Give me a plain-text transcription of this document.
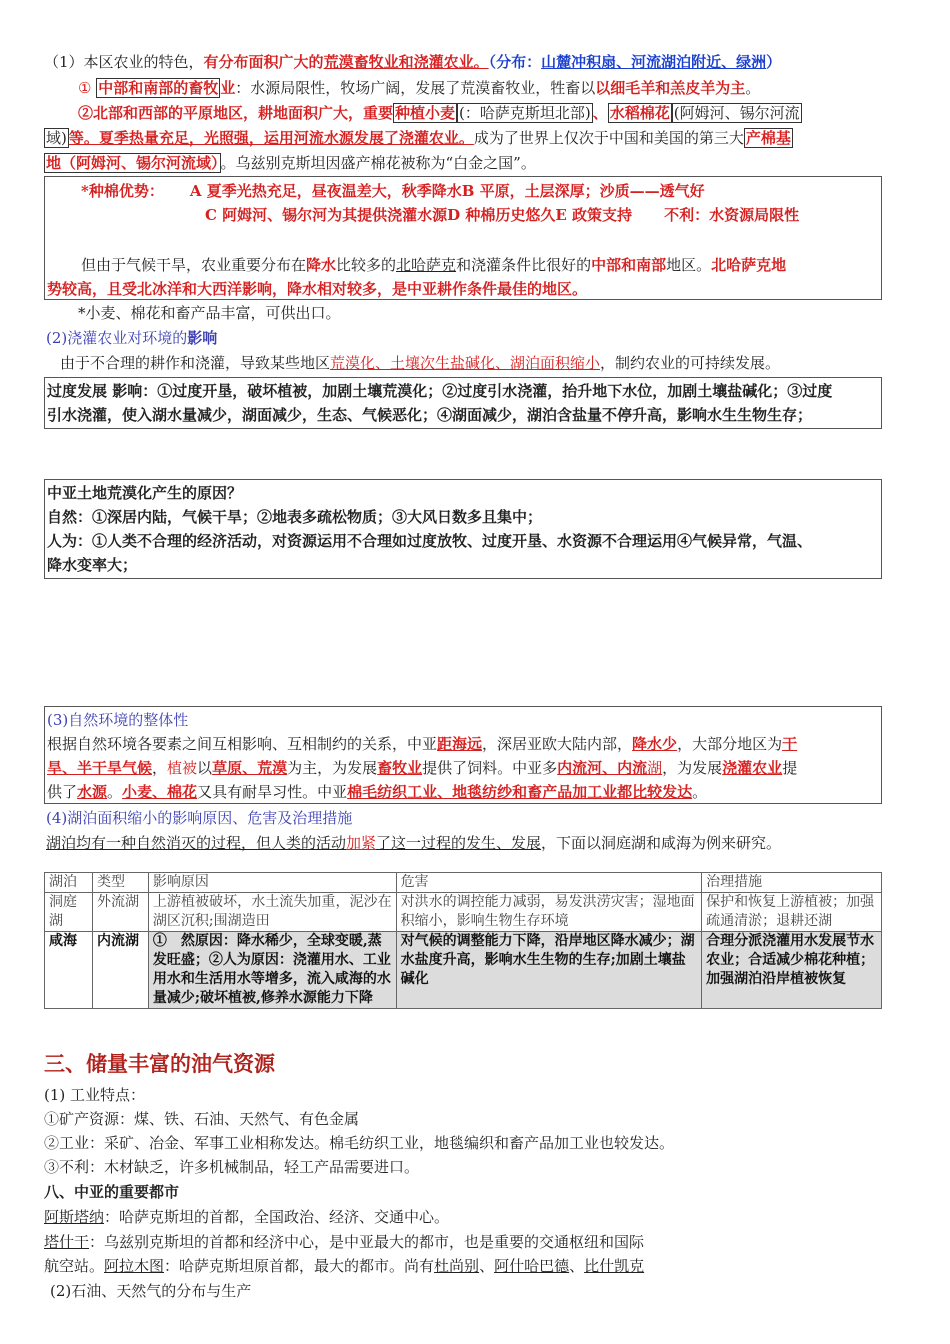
（1）本区农业的特色，有分布面积广大的荒漠畜牧业和浇灌农业。（分布：山麓冲积扇、河流湖泊附近、绿洲）
① 中部和南部的畜牧 业：水源局限性，牧场广阔，发展了荒漠畜牧业，牲畜以以细毛羊和羔皮羊为主。
②北部和西部的平原地区，耕地面积广大，重要 种植小麦 (：哈萨克斯坦北部) 、 水稻棉花 (阿姆河、锡尔河流
域) 等。夏季热量充足，光照强，运用河流水源发展了浇灌农业。成为了世界上仅次于中国和美国的第三大 产棉基
地（阿姆河、锡尔河流域） 。乌兹别克斯坦因盛产棉花被称为“白金之国”。
*种棉优势： A 夏季光热充足，昼夜温差大，秋季降水B 平原，土层深厚；沙质——透气好
C 阿姆河、锡尔河为其提供浇灌水源D 种棉历史悠久E 政策支持 不利：水资源局限性
但由于气候干旱，农业重要分布在降水比较多的北哈萨克和浇灌条件比很好的中部和南部地区。北哈萨克地
势较高，且受北冰洋和大西洋影响，降水相对较多，是中亚耕作条件最佳的地区。
*小麦、棉花和畜产品丰富，可供出口。
(2)浇灌农业对环境的影响
由于不合理的耕作和浇灌，导致某些地区荒漠化、土壤次生盐碱化、湖泊面积缩小，制约农业的可持续发展。
过度发展 影响：①过度开垦，破坏植被，加剧土壤荒漠化；②过度引水浇灌，抬升地下水位，加剧土壤盐碱化；③过度
引水浇灌，使入湖水量减少，湖面减少，生态、气候恶化；④湖面减少，湖泊含盐量不停升高，影响水生生物生存；
中亚土地荒漠化产生的原因？
自然：①深居内陆，气候干旱；②地表多疏松物质；③大风日数多且集中；
人为：①人类不合理的经济活动，对资源运用不合理如过度放牧、过度开垦、水资源不合理运用④气候异常，气温、
降水变率大；
(3)自然环境的整体性
根据自然环境各要素之间互相影响、互相制约的关系，中亚距海远，深居亚欧大陆内部，降水少，大部分地区为干
旱、半干旱气候，植被以草原、荒漠为主，为发展畜牧业提供了饲料。中亚多内流河、内流湖，为发展浇灌农业提
供了水源。小麦、棉花又具有耐旱习性。中亚棉毛纺织工业、地毯纺纱和畜产品加工业都比较发达。
(4)湖泊面积缩小的影响原因、危害及治理措施
湖泊均有一种自然消灭的过程，但人类的活动加紧了这一过程的发生、发展，下面以洞庭湖和咸海为例来研究。
湖泊	类型	影响原因	危害	治理措施
洞庭湖	外流湖	上游植被破坏，水土流失加重，泥沙在湖区沉积;围湖造田	对洪水的调控能力减弱，易发洪涝灾害；湿地面积缩小，影响生物生存环境	保护和恢复上游植被；加强疏通清淤；退耕还湖
咸海	内流湖	①　然原因：降水稀少，全球变暖,蒸发旺盛；②人为原因：浇灌用水、工业用水和生活用水等增多，流入咸海的水量减少;破坏植被,修养水源能力下降	对气候的调整能力下降，沿岸地区降水减少；湖水盐度升高，影响水生生物的生存;加剧土壤盐碱化	合理分派浇灌用水发展节水农业；合适减少棉花种植；加强湖泊沿岸植被恢复
三、储量丰富的油气资源
(1) 工业特点：
①矿产资源：煤、铁、石油、天然气、有色金属
②工业：采矿、冶金、军事工业相称发达。棉毛纺织工业，地毯编织和畜产品加工业也较发达。
③不利：木材缺乏，许多机械制品，轻工产品需要进口。
八、中亚的重要都市
阿斯塔纳：哈萨克斯坦的首都，全国政治、经济、交通中心。
塔什干：乌兹别克斯坦的首都和经济中心，是中亚最大的都市，也是重要的交通枢纽和国际
航空站。阿拉木图：哈萨克斯坦原首都，最大的都市。尚有杜尚别、阿什哈巴德、比什凯克
(2)石油、天然气的分布与生产
